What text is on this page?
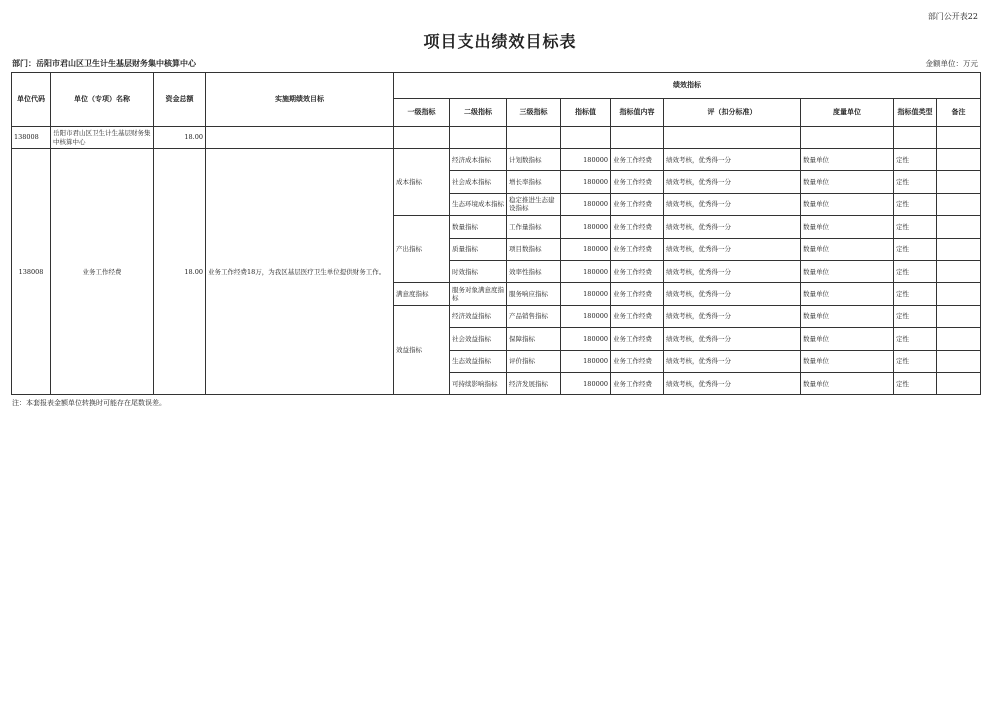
部门公开表22
项目支出绩效目标表
部门：岳阳市君山区卫生计生基层财务集中核算中心	金额单位：万元
单位代码	单位（专项）名称	资金总额	实施期绩效目标	绩效指标								
				一级指标	二级指标	三级指标	指标值	指标值内容	评（扣分标准）	度量单位	指标值类型	备注
138008	岳阳市君山区卫生计生基层财务集中核算中心	18.00										
138008	业务工作经费	18.00	业务工作经费18万，为我区基层医疗卫生单位提供财务工作。	成本指标	经济成本指标	计划数指标	180000	业务工作经费	绩效考核，优秀得一分	数量单位	定性	
					社会成本指标	增长率指标	180000	业务工作经费	绩效考核，优秀得一分	数量单位	定性	
					生态环境成本指标	稳定推进生态建设指标	180000	业务工作经费	绩效考核，优秀得一分	数量单位	定性	
				产出指标	数量指标	工作量指标	180000	业务工作经费	绩效考核，优秀得一分	数量单位	定性	
					质量指标	项目数指标	180000	业务工作经费	绩效考核，优秀得一分	数量单位	定性	
					时效指标	效率性指标	180000	业务工作经费	绩效考核，优秀得一分	数量单位	定性	
				满意度指标	服务对象满意度指标	服务响应指标	180000	业务工作经费	绩效考核，优秀得一分	数量单位	定性	
				效益指标	经济效益指标	产品销售指标	180000	业务工作经费	绩效考核，优秀得一分	数量单位	定性	
					社会效益指标	保障指标	180000	业务工作经费	绩效考核，优秀得一分	数量单位	定性	
					生态效益指标	评价指标	180000	业务工作经费	绩效考核，优秀得一分	数量单位	定性	
					可持续影响指标	经济发展指标	180000	业务工作经费	绩效考核，优秀得一分	数量单位	定性	
注：本套报表金额单位转换时可能存在尾数误差。
